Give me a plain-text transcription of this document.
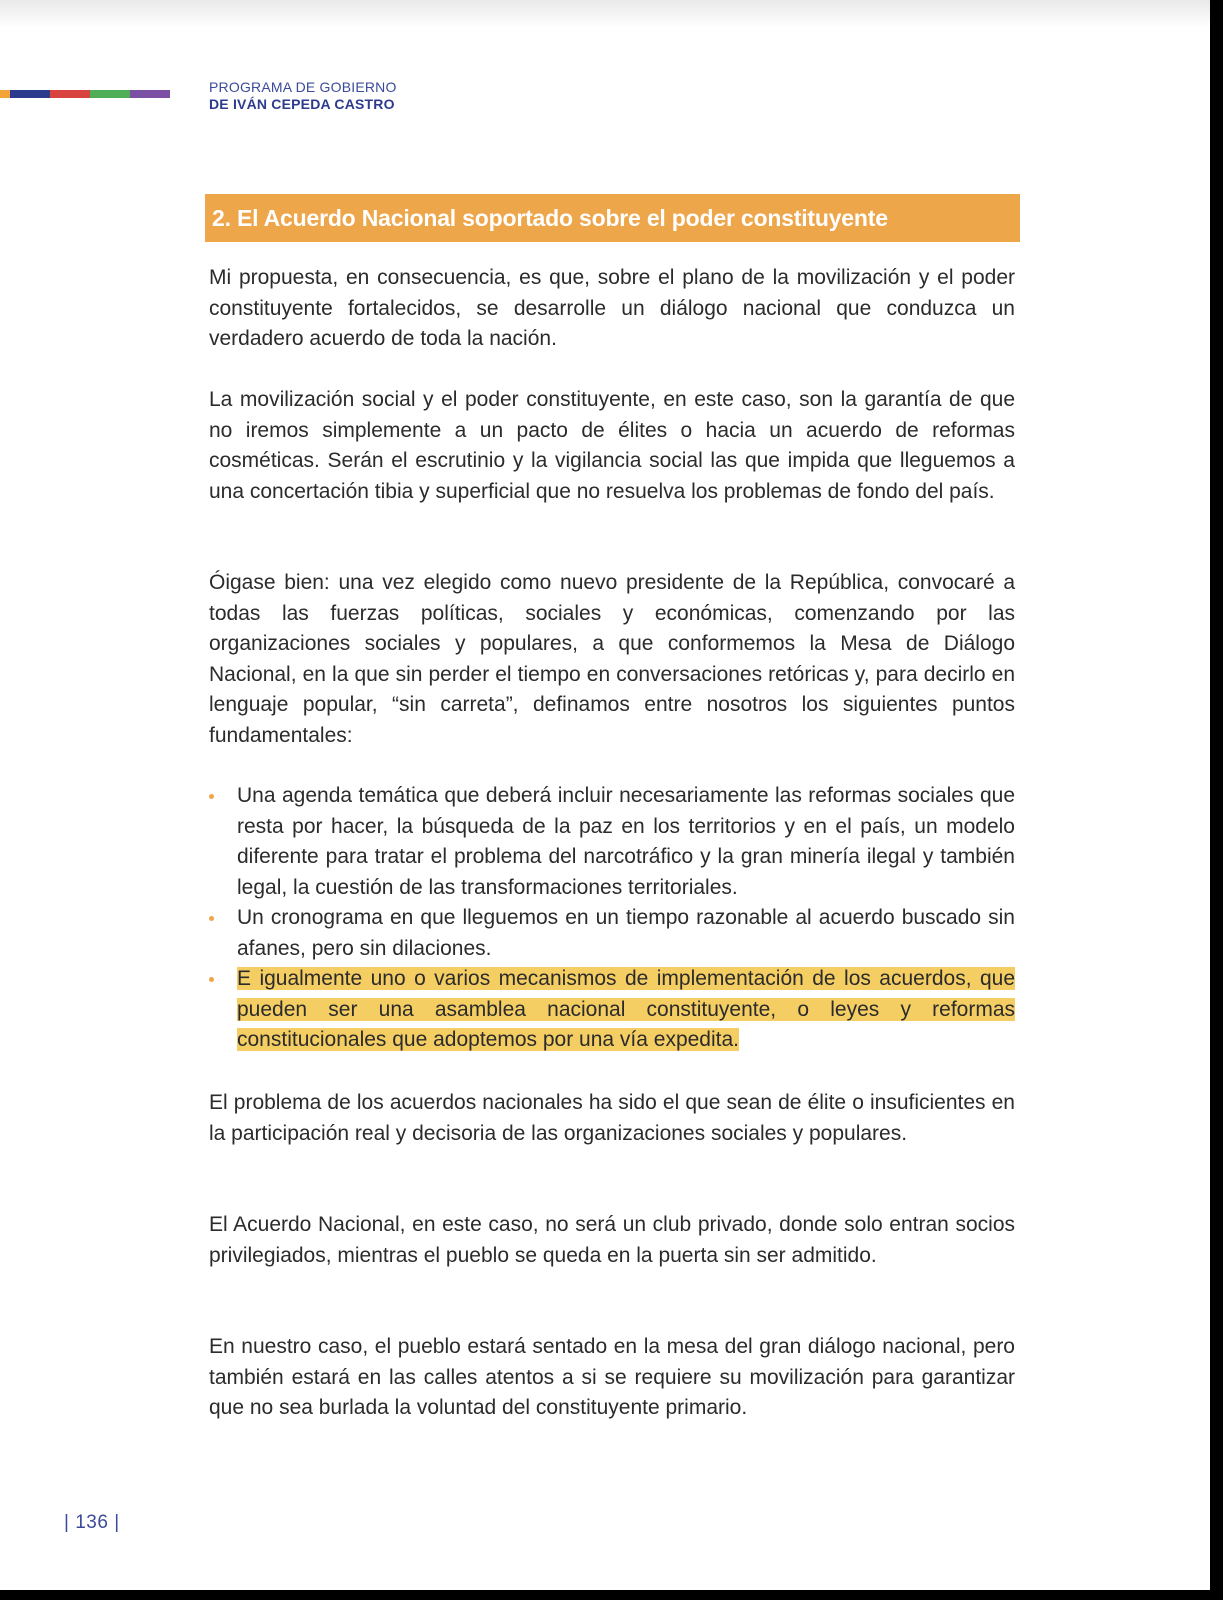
PROGRAMA DE GOBIERNO
DE IVÁN CEPEDA CASTRO
2. El Acuerdo Nacional soportado sobre el poder constituyente

Mi propuesta, en consecuencia, es que, sobre el plano de la movilización y el poder constituyente fortalecidos, se desarrolle un diálogo nacional que conduzca un verdadero acuerdo de toda la nación.

La movilización social y el poder constituyente, en este caso, son la garantía de que no iremos simplemente a un pacto de élites o hacia un acuerdo de reformas cosméticas. Serán el escrutinio y la vigilancia social las que impida que lleguemos a una concertación tibia y superficial que no resuelva los problemas de fondo del país.

Óigase bien: una vez elegido como nuevo presidente de la República, convocaré a todas las fuerzas políticas, sociales y económicas, comenzando por las organizaciones sociales y populares, a que conformemos la Mesa de Diálogo Nacional, en la que sin perder el tiempo en conversaciones retóricas y, para decirlo en lenguaje popular, “sin carreta”, definamos entre nosotros los siguientes puntos fundamentales:

Una agenda temática que deberá incluir necesariamente las reformas sociales que resta por hacer, la búsqueda de la paz en los territorios y en el país, un modelo diferente para tratar el problema del narcotráfico y la gran minería ilegal y también legal, la cuestión de las transformaciones territoriales.
Un cronograma en que lleguemos en un tiempo razonable al acuerdo buscado sin afanes, pero sin dilaciones.
E igualmente uno o varios mecanismos de implementación de los acuerdos, que pueden ser una asamblea nacional constituyente, o leyes y reformas constitucionales que adoptemos por una vía expedita.

El problema de los acuerdos nacionales ha sido el que sean de élite o insuficientes en la participación real y decisoria de las organizaciones sociales y populares.

El Acuerdo Nacional, en este caso, no será un club privado, donde solo entran socios privilegiados, mientras el pueblo se queda en la puerta sin ser admitido.

En nuestro caso, el pueblo estará sentado en la mesa del gran diálogo nacional, pero también estará en las calles atentos a si se requiere su movilización para garantizar que no sea burlada la voluntad del constituyente primario.

| 136 |
